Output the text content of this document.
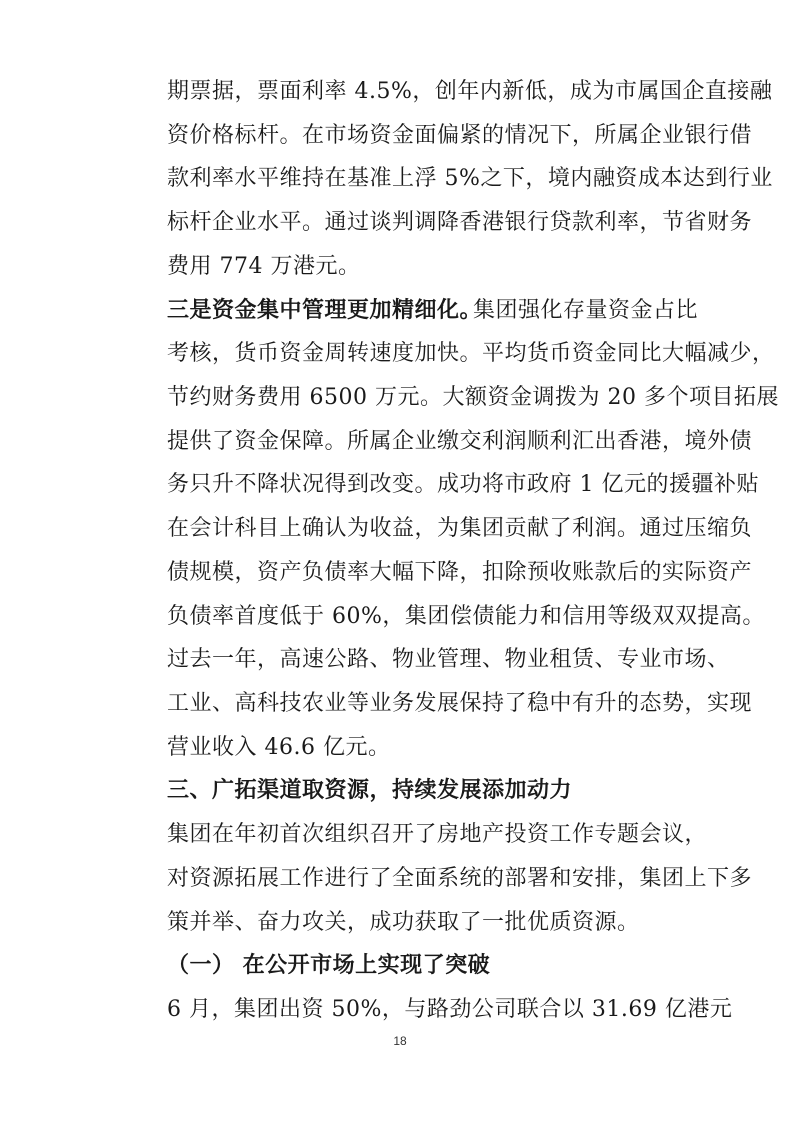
期票据，票面利率 4.5%，创年内新低，成为市属国企直接融
资价格标杆。在市场资金面偏紧的情况下，所属企业银行借
款利率水平维持在基准上浮 5%之下，境内融资成本达到行业
标杆企业水平。通过谈判调降香港银行贷款利率，节省财务
费用 774 万港元。
三是资金集中管理更加精细化。
集团强化存量资金占比
考核，货币资金周转速度加快。平均货币资金同比大幅减少，
节约财务费用 6500 万元。大额资金调拨为 20 多个项目拓展
提供了资金保障。所属企业缴交利润顺利汇出香港，境外债
务只升不降状况得到改变。成功将市政府 1 亿元的援疆补贴
在会计科目上确认为收益，为集团贡献了利润。通过压缩负
债规模，资产负债率大幅下降，扣除预收账款后的实际资产
负债率首度低于 60%，集团偿债能力和信用等级双双提高。
过去一年，高速公路、物业管理、物业租赁、专业市场、
工业、高科技农业等业务发展保持了稳中有升的态势，实现
营业收入 46.6 亿元。
三、广拓渠道取资源，持续发展添加动力
集团在年初首次组织召开了房地产投资工作专题会议，
对资源拓展工作进行了全面系统的部署和安排，集团上下多
策并举、奋力攻关，成功获取了一批优质资源。
（一） 在公开市场上实现了突破
6 月，集团出资 50%，与路劲公司联合以 31.69 亿港元
18
